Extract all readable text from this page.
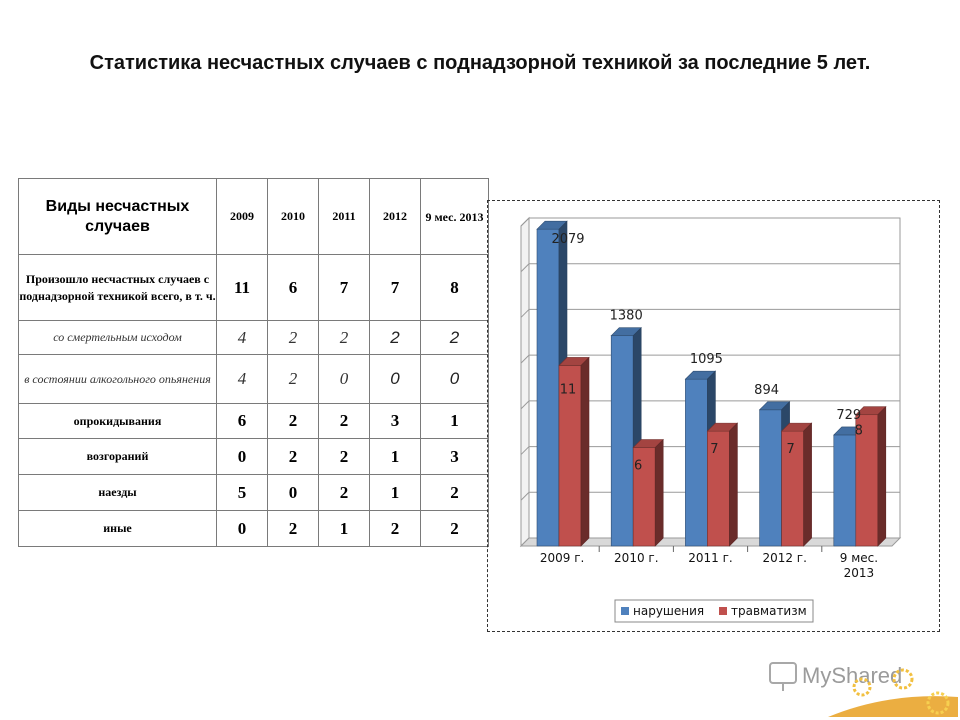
Статистика несчастных случаев с поднадзорной техникой за последние 5 лет.
Виды несчастных случаев	2009	2010	2011	2012	9 мес. 2013
Произошло несчастных случаев с поднадзорной техникой всего, в т. ч.	11	6	7	7	8
со смертельным исходом	4	2	2	2	2
в состоянии алкогольного опьянения	4	2	0	0	0
опрокидывания	6	2	2	3	1
возгораний	0	2	2	1	3
наезды	5	0	2	1	2
иные	0	2	1	2	2
2079
11
2009 г.
1380
6
2010 г.
1095
7
2011 г.
894
7
2012 г.
729
8
9 мес.
2013
нарушения травматизм
MyShared
